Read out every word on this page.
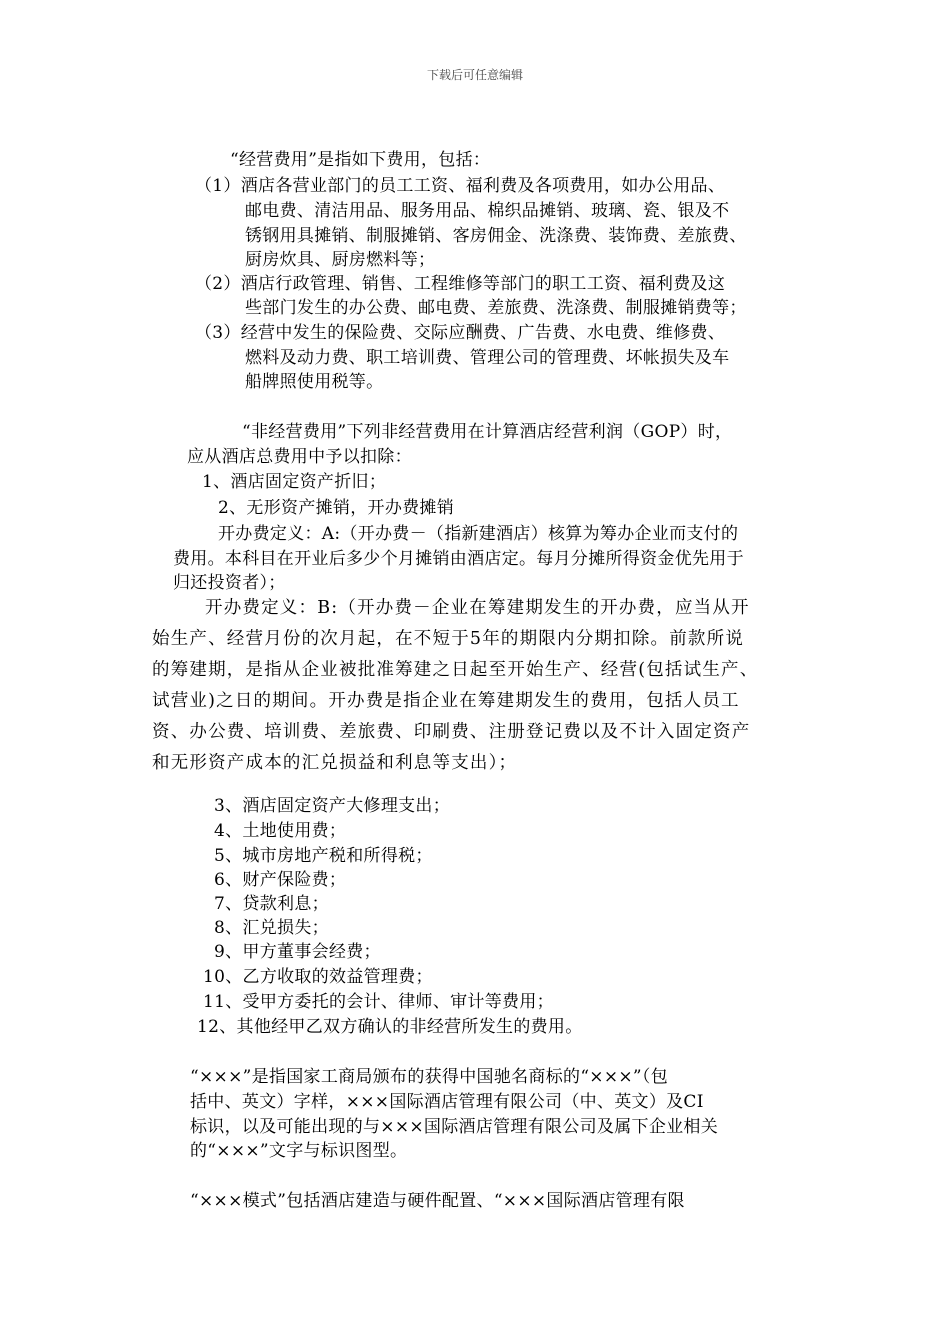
下载后可任意编辑
“经营费用”是指如下费用，包括：
（1）酒店各营业部门的员工工资、福利费及各项费用，如办公用品、
邮电费、清洁用品、服务用品、棉织品摊销、玻璃、瓷、银及不
锈钢用具摊销、制服摊销、客房佣金、洗涤费、装饰费、差旅费、
厨房炊具、厨房燃料等；
（2）酒店行政管理、销售、工程维修等部门的职工工资、福利费及这
些部门发生的办公费、邮电费、差旅费、洗涤费、制服摊销费等；
（3）经营中发生的保险费、交际应酬费、广告费、水电费、维修费、
燃料及动力费、职工培训费、管理公司的管理费、坏帐损失及车
船牌照使用税等。
“非经营费用”下列非经营费用在计算酒店经营利润（GOP）时，
应从酒店总费用中予以扣除：
1、酒店固定资产折旧；
2、无形资产摊销，开办费摊销
开办费定义：A:（开办费－（指新建酒店）核算为筹办企业而支付的
费用。本科目在开业后多少个月摊销由酒店定。每月分摊所得资金优先用于
归还投资者）；
开办费定义：B:（开办费－企业在筹建期发生的开办费，应当从开
始生产、经营月份的次月起，在不短于5年的期限内分期扣除。前款所说
的筹建期，是指从企业被批准筹建之日起至开始生产、经营(包括试生产、
试营业)之日的期间。开办费是指企业在筹建期发生的费用，包括人员工
资、办公费、培训费、差旅费、印刷费、注册登记费以及不计入固定资产
和无形资产成本的汇兑损益和利息等支出）；
3、酒店固定资产大修理支出；
4、土地使用费；
5、城市房地产税和所得税；
6、财产保险费；
7、贷款利息；
8、汇兑损失；
9、甲方董事会经费；
10、乙方收取的效益管理费；
11、受甲方委托的会计、律师、审计等费用；
12、其他经甲乙双方确认的非经营所发生的费用。
“×××”是指国家工商局颁布的获得中国驰名商标的“×××”（包
括中、英文）字样，×××国际酒店管理有限公司（中、英文）及CI
标识，以及可能出现的与×××国际酒店管理有限公司及属下企业相关
的“×××”文字与标识图型。
“×××模式”包括酒店建造与硬件配置、“×××国际酒店管理有限
